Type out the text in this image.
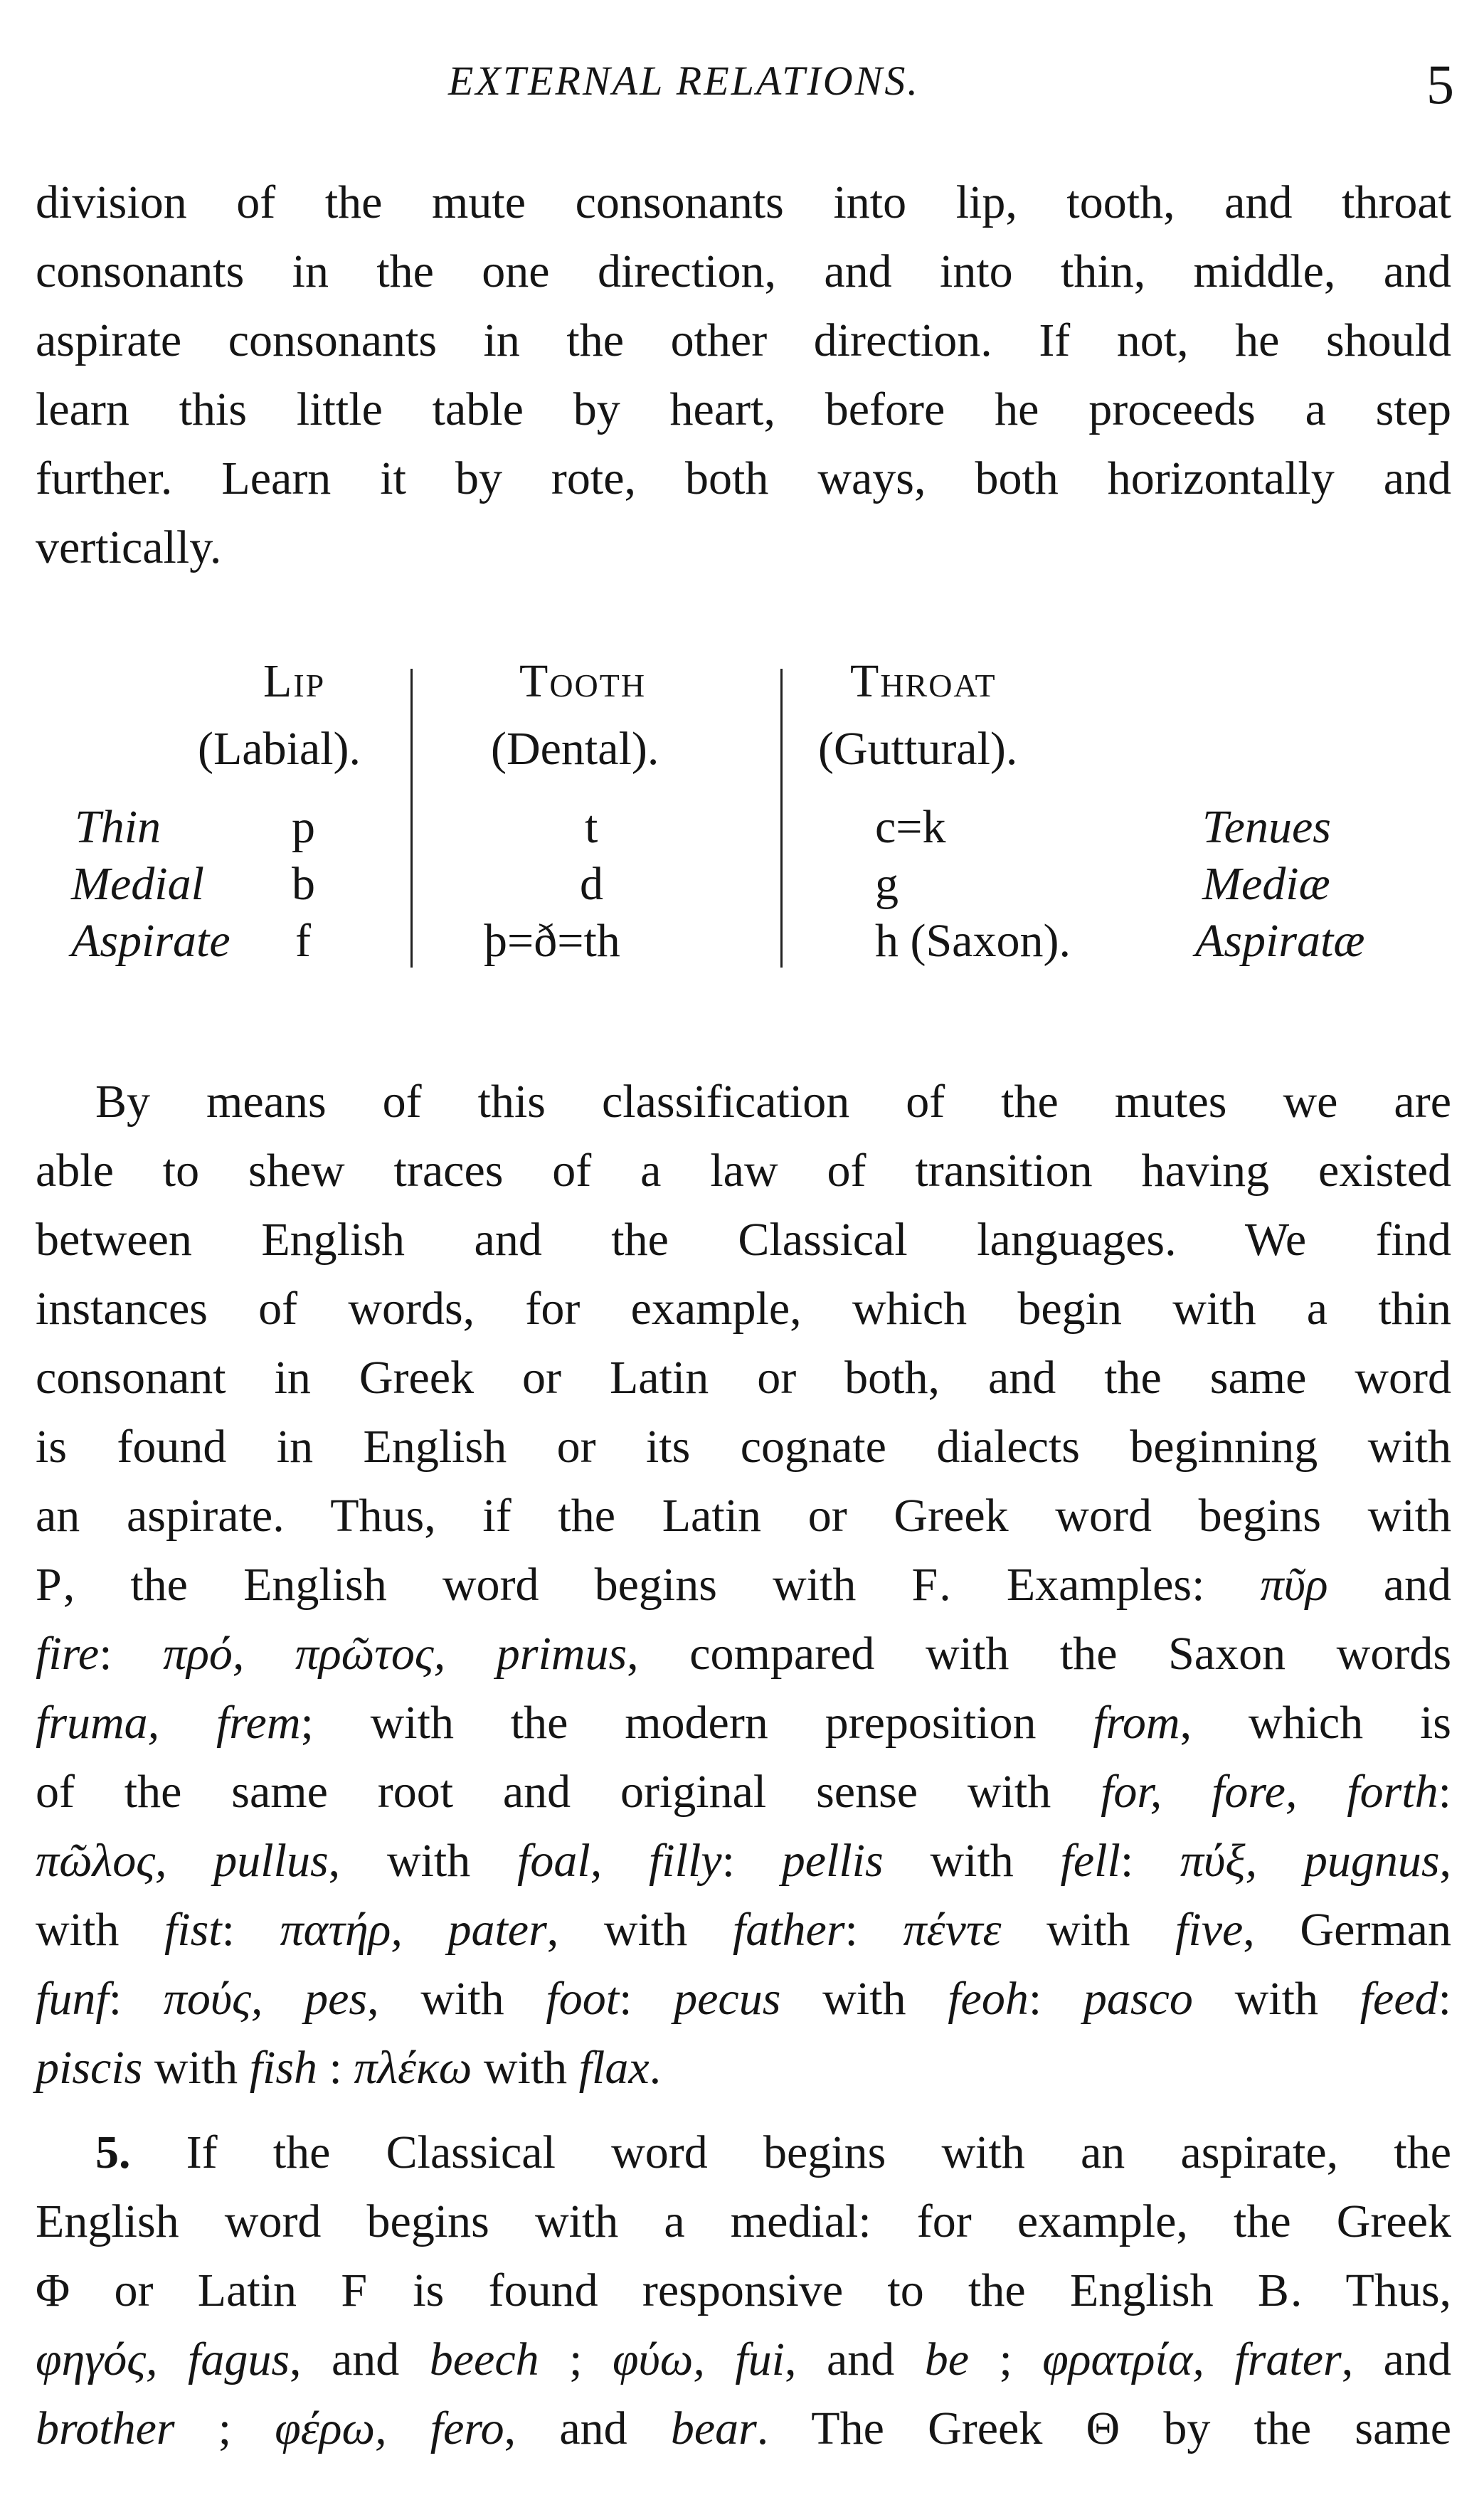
EXTERNAL RELATIONS.	5

division of the mute consonants into lip, tooth, and throat

consonants in the one direction, and into thin, middle, and

aspirate consonants in the other direction. If not, he should

learn this little table by heart, before he proceeds a step

further. Learn it by rote, both ways, both horizontally and

vertically.

Lip
(Labial).
Tooth
(Dental).
Throat
(Guttural).
Thin	p	t	c=k	Tenues
Medial b	d	g	Mediæ
Aspirate f	þ=ð=th	h (Saxon).	Aspiratæ

By means of this classification of the mutes we are

able to shew traces of a law of transition having existed

between English and the Classical languages. We find

instances of words, for example, which begin with a thin

consonant in Greek or Latin or both, and the same word

is found in English or its cognate dialects beginning with

an aspirate. Thus, if the Latin or Greek word begins with

P, the English word begins with F. Examples: πῦρ and

fire: πρό, πρῶτος, primus, compared with the Saxon words

fruma, frem; with the modern preposition from, which is

of the same root and original sense with for, fore, forth:

πῶλος, pullus, with foal, filly: pellis with fell: πύξ, pugnus,

with fist: πατήρ, pater, with father: πέντε with five, German

funf: πούς, pes, with foot: pecus with feoh: pasco with feed:

piscis with fish : πλέκω with flax.

5. If the Classical word begins with an aspirate, the

English word begins with a medial: for example, the Greek

Φ or Latin F is found responsive to the English B. Thus,

φηγός, fagus, and beech ; φύω, fui, and be ; φρατρία, frater, and

brother ; φέρω, fero, and bear. The Greek Θ by the same
